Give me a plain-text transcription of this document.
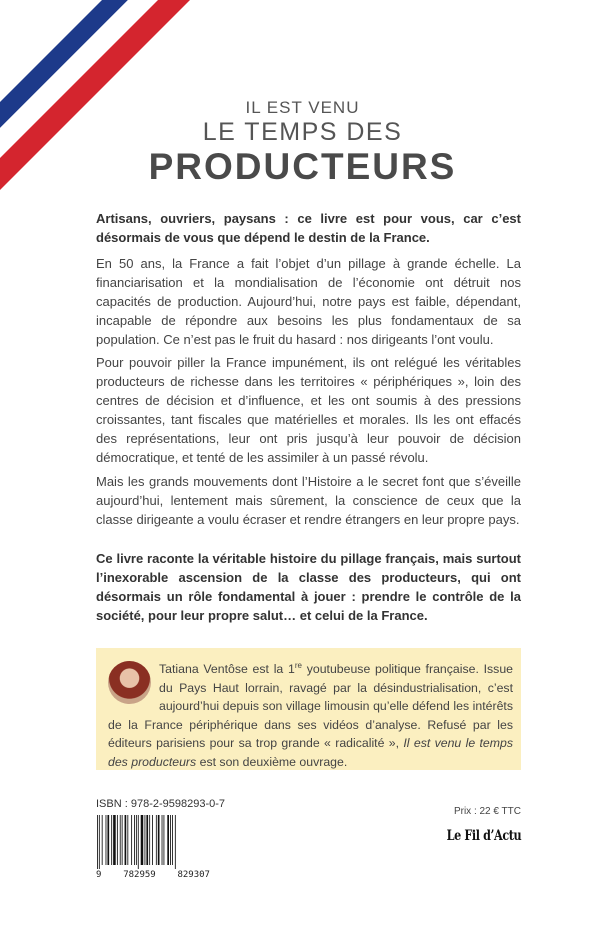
IL EST VENU

LE TEMPS DES

PRODUCTEURS

Artisans, ouvriers, paysans : ce livre est pour vous, car c’est désormais de vous que dépend le destin de la France.
En 50 ans, la France a fait l’objet d’un pillage à grande échelle. La financiarisation et la mondialisation de l’économie ont détruit nos capacités de production. Aujourd’hui, notre pays est faible, dépendant, incapable de répondre aux besoins les plus fondamentaux de sa population. Ce n’est pas le fruit du hasard : nos dirigeants l’ont voulu.
Pour pouvoir piller la France impunément, ils ont relégué les véritables producteurs de richesse dans les territoires « périphériques », loin des centres de décision et d’influence, et les ont soumis à des pressions croissantes, tant fiscales que matérielles et morales. Ils les ont effacés des représentations, leur ont pris jusqu’à leur pouvoir de décision démocratique, et tenté de les assimiler à un passé révolu.
Mais les grands mouvements dont l’Histoire a le secret font que s’éveille aujourd’hui, lentement mais sûrement, la conscience de ceux que la classe dirigeante a voulu écraser et rendre étrangers en leur propre pays.
Ce livre raconte la véritable histoire du pillage français, mais surtout l’inexorable ascension de la classe des producteurs, qui ont désormais un rôle fondamental à jouer : prendre le contrôle de la société, pour leur propre salut… et celui de la France.
Tatiana Ventôse est la 1re youtubeuse politique française. Issue du Pays Haut lorrain, ravagé par la désindustrialisation, c’est aujourd’hui depuis son village limousin qu’elle défend les intérêts de la France périphérique dans ses vidéos d’analyse. Refusé par les éditeurs parisiens pour sa trop grande « radicalité », Il est venu le temps des producteurs est son deuxième ouvrage.
ISBN : 978-2-9598293-0-7
9 782959 829307
Prix : 22 € TTC
Le Fil d’Actu
